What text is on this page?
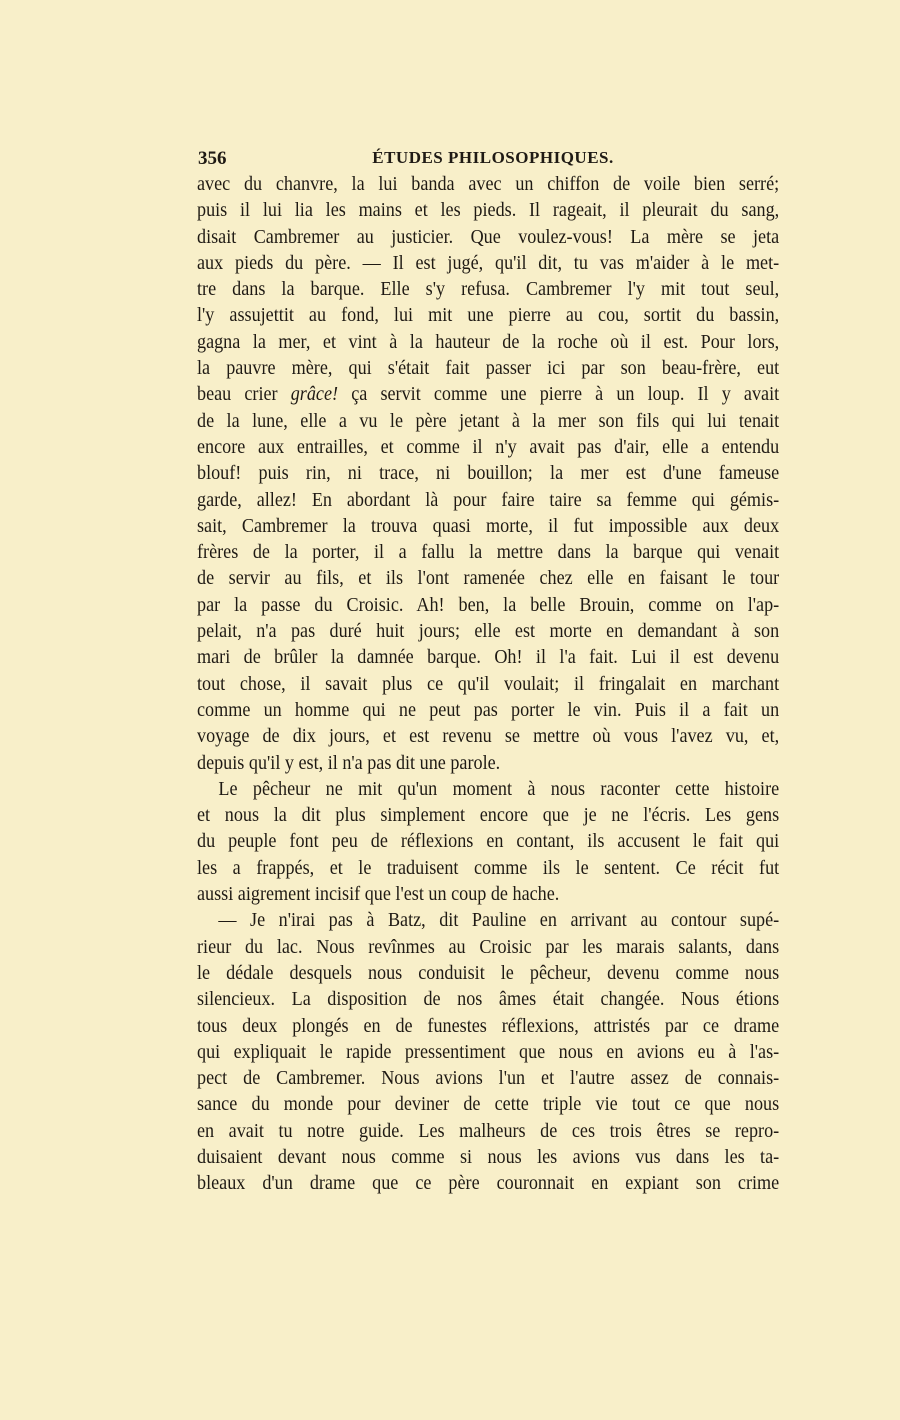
356	ÉTUDES PHILOSOPHIQUES.
avec du chanvre, la lui banda avec un chiffon de voile bien serré;
puis il lui lia les mains et les pieds. Il rageait, il pleurait du sang,
disait Cambremer au justicier. Que voulez-vous! La mère se jeta
aux pieds du père. — Il est jugé, qu'il dit, tu vas m'aider à le met-
tre dans la barque. Elle s'y refusa. Cambremer l'y mit tout seul,
l'y assujettit au fond, lui mit une pierre au cou, sortit du bassin,
gagna la mer, et vint à la hauteur de la roche où il est. Pour lors,
la pauvre mère, qui s'était fait passer ici par son beau-frère, eut
beau crier grâce! ça servit comme une pierre à un loup. Il y avait
de la lune, elle a vu le père jetant à la mer son fils qui lui tenait
encore aux entrailles, et comme il n'y avait pas d'air, elle a entendu
blouf! puis rin, ni trace, ni bouillon; la mer est d'une fameuse
garde, allez! En abordant là pour faire taire sa femme qui gémis-
sait, Cambremer la trouva quasi morte, il fut impossible aux deux
frères de la porter, il a fallu la mettre dans la barque qui venait
de servir au fils, et ils l'ont ramenée chez elle en faisant le tour
par la passe du Croisic. Ah! ben, la belle Brouin, comme on l'ap-
pelait, n'a pas duré huit jours; elle est morte en demandant à son
mari de brûler la damnée barque. Oh! il l'a fait. Lui il est devenu
tout chose, il savait plus ce qu'il voulait; il fringalait en marchant
comme un homme qui ne peut pas porter le vin. Puis il a fait un
voyage de dix jours, et est revenu se mettre où vous l'avez vu, et,
depuis qu'il y est, il n'a pas dit une parole.
Le pêcheur ne mit qu'un moment à nous raconter cette histoire
et nous la dit plus simplement encore que je ne l'écris. Les gens
du peuple font peu de réflexions en contant, ils accusent le fait qui
les a frappés, et le traduisent comme ils le sentent. Ce récit fut
aussi aigrement incisif que l'est un coup de hache.
— Je n'irai pas à Batz, dit Pauline en arrivant au contour supé-
rieur du lac. Nous revînmes au Croisic par les marais salants, dans
le dédale desquels nous conduisit le pêcheur, devenu comme nous
silencieux. La disposition de nos âmes était changée. Nous étions
tous deux plongés en de funestes réflexions, attristés par ce drame
qui expliquait le rapide pressentiment que nous en avions eu à l'as-
pect de Cambremer. Nous avions l'un et l'autre assez de connais-
sance du monde pour deviner de cette triple vie tout ce que nous
en avait tu notre guide. Les malheurs de ces trois êtres se repro-
duisaient devant nous comme si nous les avions vus dans les ta-
bleaux d'un drame que ce père couronnait en expiant son crime
